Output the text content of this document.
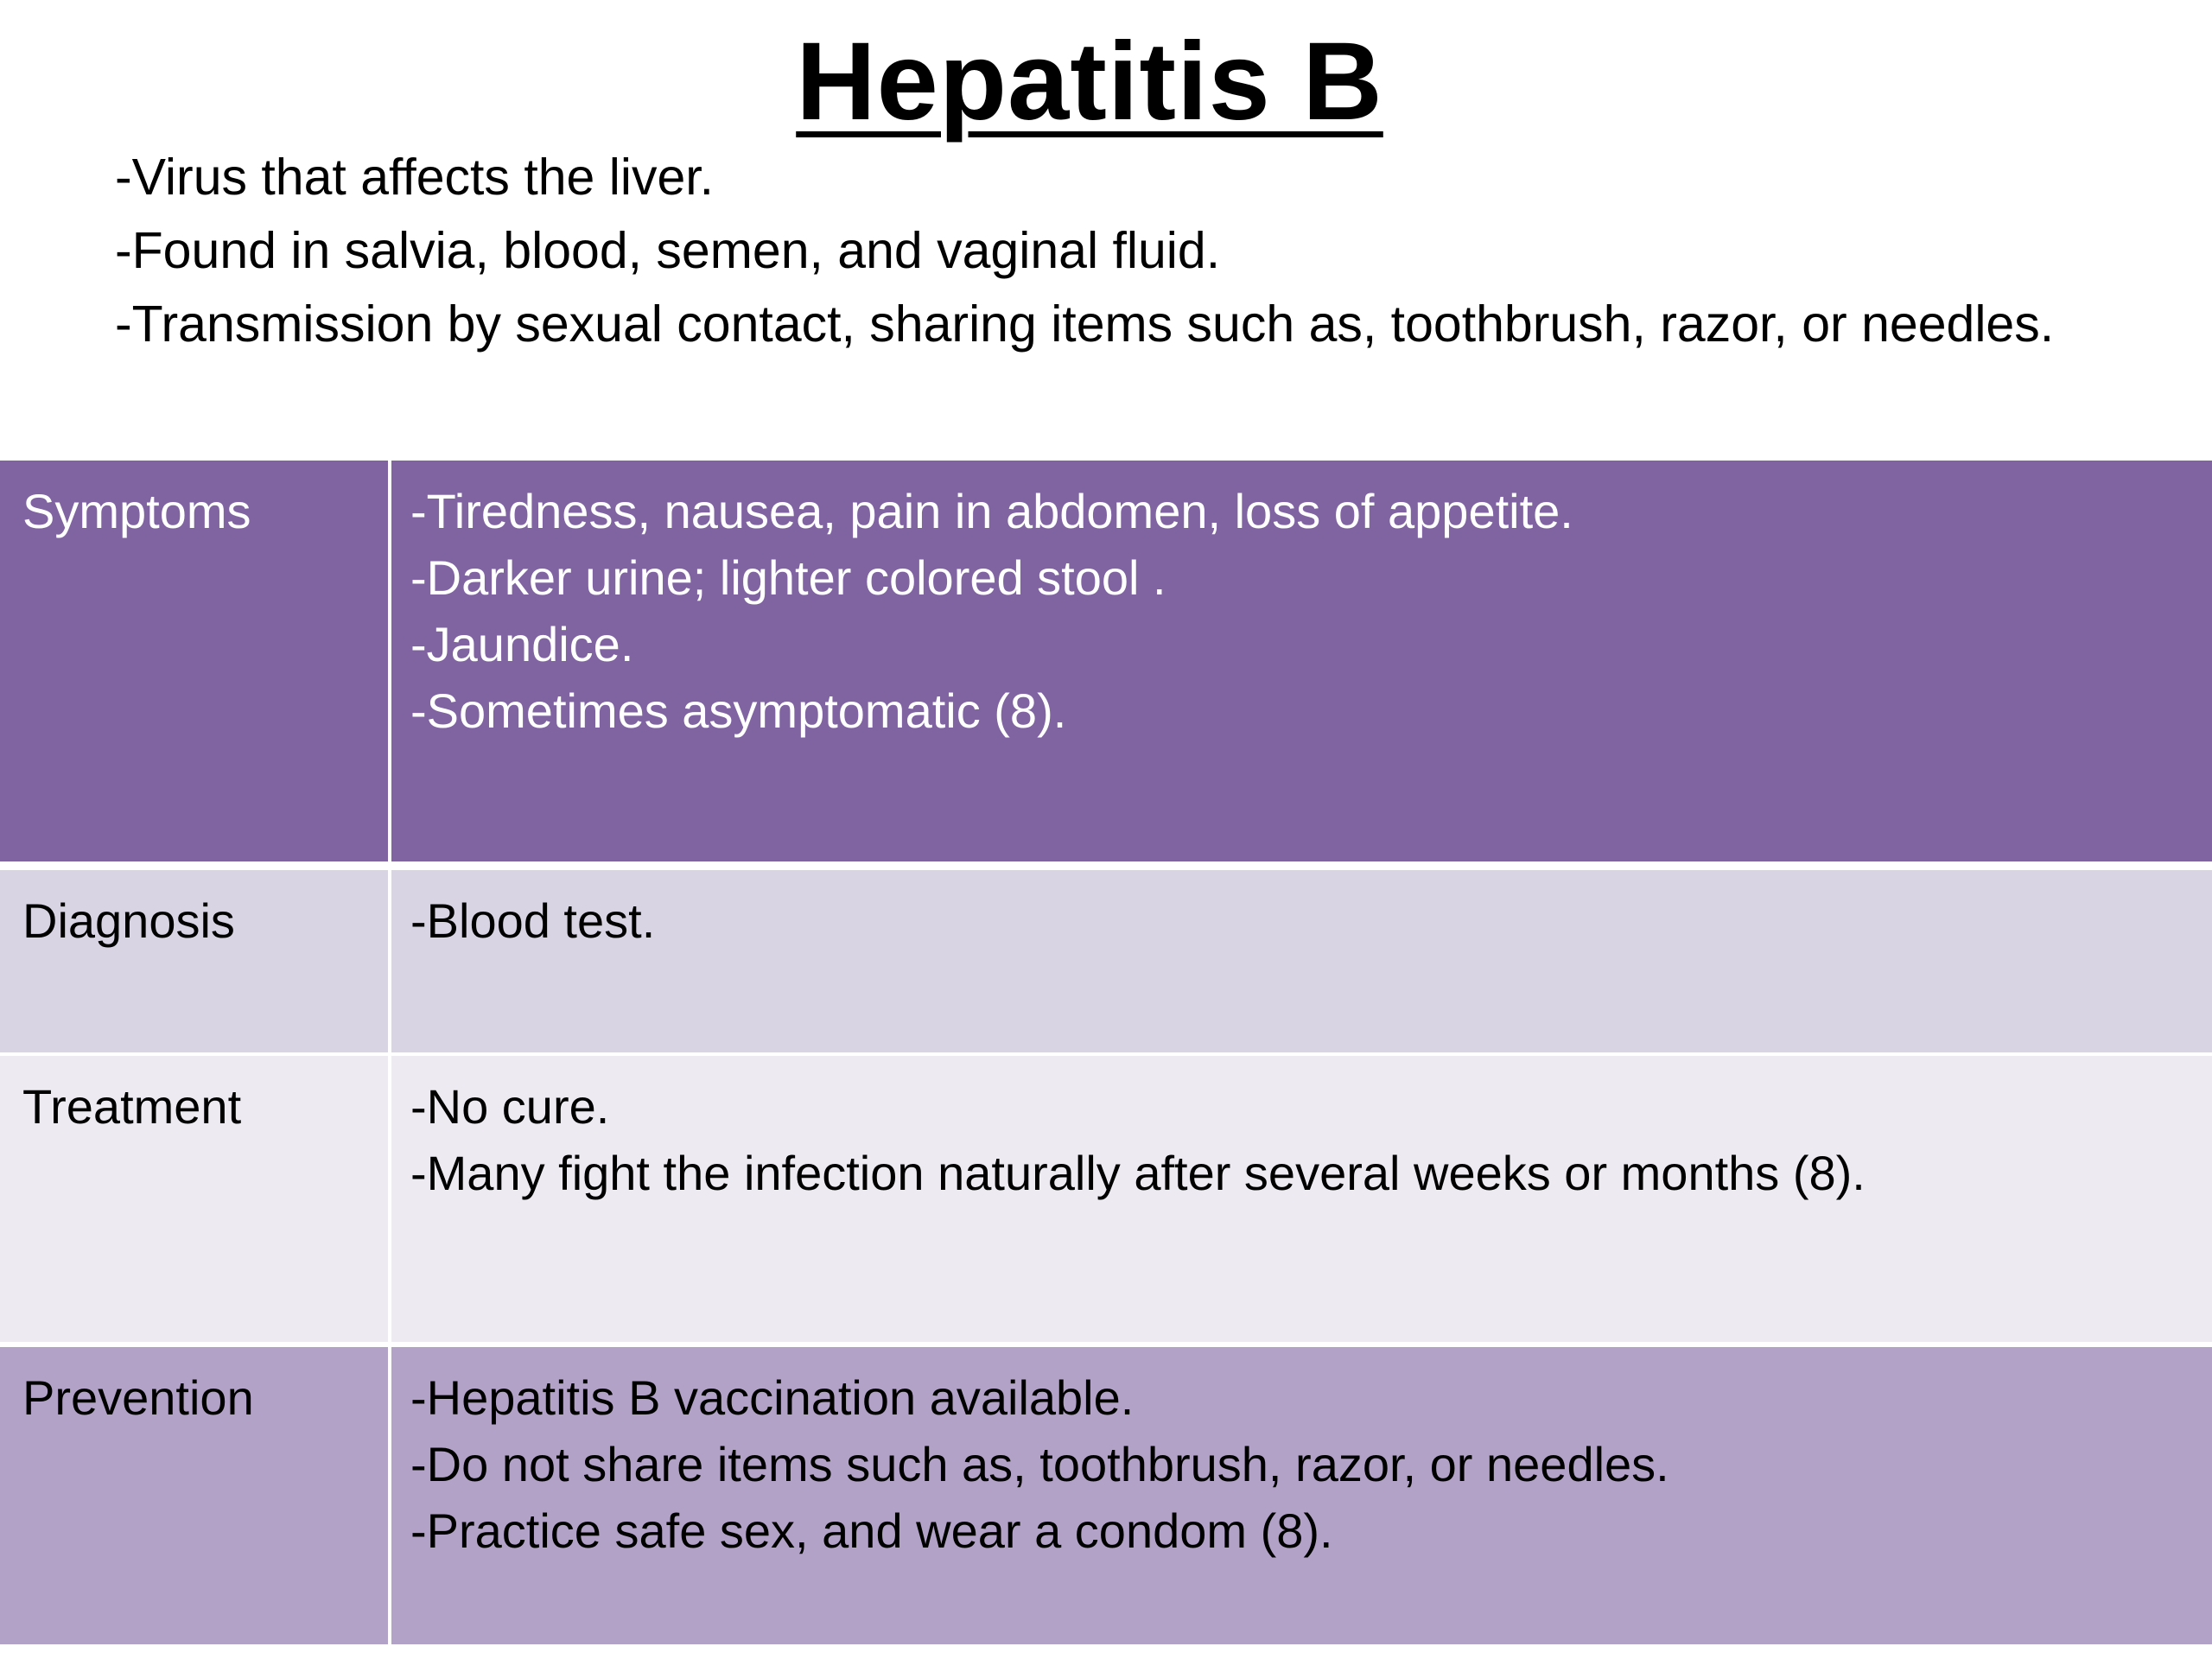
Hepatitis B
-Virus that affects the liver.
-Found in salvia, blood, semen, and vaginal fluid.
-Transmission by sexual contact, sharing items such as, toothbrush, razor, or needles.
Symptoms	-Tiredness, nausea, pain in abdomen, loss of appetite.
-Darker urine; lighter colored stool .
-Jaundice.
-Sometimes asymptomatic (8).
Diagnosis	-Blood test.
Treatment	-No cure.
-Many fight the infection naturally after several weeks or months (8).
Prevention	-Hepatitis B vaccination available.
-Do not share items such as, toothbrush, razor, or needles.
-Practice safe sex, and wear a condom (8).
